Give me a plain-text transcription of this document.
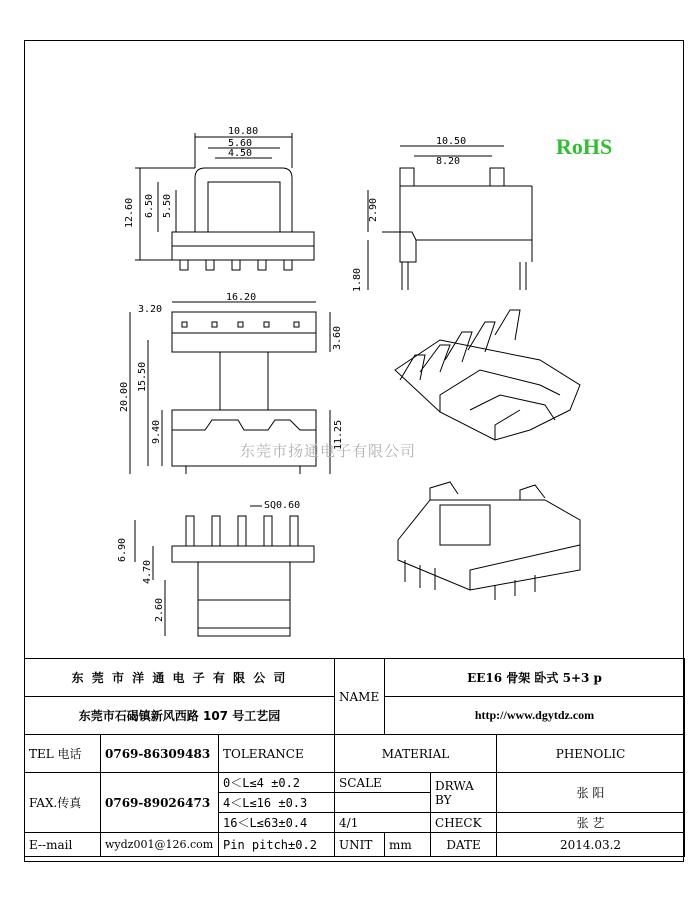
10.80
5.60
4.50
12.60 6.50 5.50
10.50
8.20
2.90
1.80
16.20
3.20
3.60
20.00
15.50
9.40	11.25
SQ0.60
6.90
4.70
2.60
RoHS
东莞市扬通电子有限公司
东 莞 市 洋 通 电 子 有 限 公 司			NAME	EE16 骨架 卧式 5+3 p		
东莞市石碣镇新风西路 107 号工艺园				http://www.dgytdz.com		
TEL 电话	0769-86309483	TOLERANCE	MATERIAL			PHENOLIC
FAX.传真	0769-89026473	0＜L≤4 ±0.2	SCALE		DRWA BY	张 阳
		4＜L≤16 ±0.3				
		16＜L≤63±0.4	4/1		CHECK	张 艺
E--mail	wydz001@126.com	Pin pitch±0.2	UNIT	mm	DATE	2014.03.2
